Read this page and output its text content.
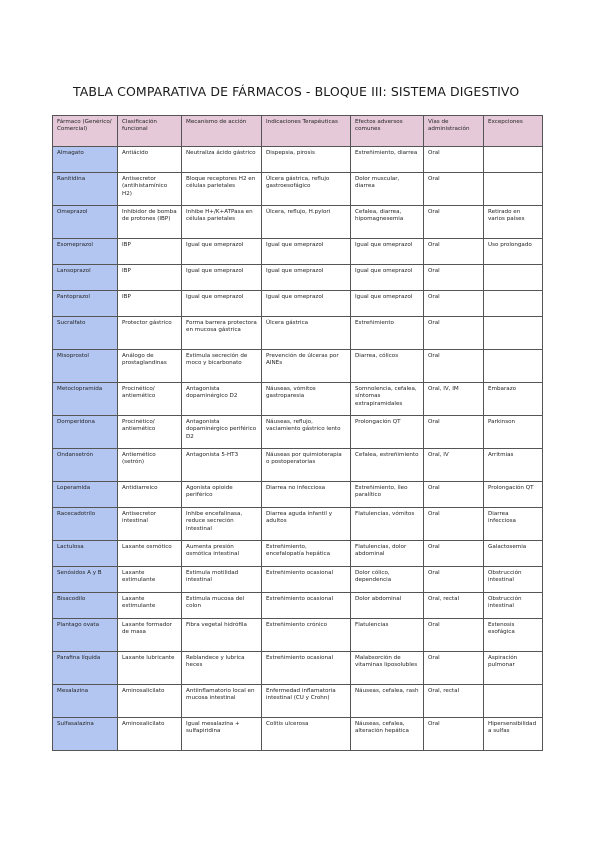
TABLA COMPARATIVA DE FÁRMACOS - BLOQUE III: SISTEMA DIGESTIVO
Fármaco (Genérico/ Comercial)	Clasificación funcional	Mecanismo de acción	Indicaciones Terapéuticas	Efectos adversos comunes	Vías de administración	Excepciones
Almagato	Antiácido	Neutraliza ácido gástrico	Dispepsia, pirosis	Estreñimiento, diarrea	Oral	
Ranitidina	Antisecretor (antihistamínico H2)	Bloque receptores H2 en células parietales	Úlcera gástrica, reflujo gastroesofágico	Dolor muscular, diarrea	Oral	
Omeprazol	Inhibidor de bomba de protones (IBP)	Inhibe H+/K+ATPasa en células parietales	Úlcera, reflujo, H.pylori	Cefalea, diarrea, hipomagnesemia	Oral	Retirado en varios países
Esomeprazol	IBP	Igual que omeprazol	Igual que omeprazol	Igual que omeprazol	Oral	Uso prolongado
Lansoprazol	IBP	Igual que omeprazol	Igual que omeprazol	Igual que omeprazol	Oral	
Pantoprazol	IBP	Igual que omeprazol	Igual que omeprazol	Igual que omeprazol	Oral	
Sucralfato	Protector gástrico	Forma barrera protectora en mucosa gástrica	Úlcera gástrica	Estreñimiento	Oral	
Misoprostol	Análogo de prostaglandinas	Estimula secreción de moco y bicarbonato	Prevención de úlceras por AINEs	Diarrea, cólicos	Oral	
Metoclopramida	Procinético/ antiemético	Antagonista dopaminérgico D2	Náuseas, vómitos gastroparesia	Somnolencia, cefalea, síntomas extrapiramidales	Oral, IV, IM	Embarazo
Domperidona	Procinético/ antiemético	Antagonista dopaminérgico periférico D2	Náuseas, reflujo, vaciamiento gástrico lento	Prolongación QT	Oral	Parkinson
Ondansetrón	Antiemético (setrón)	Antagonista 5-HT3	Náuseas por quimioterapia o postoperatorias	Cefalea, estreñimiento	Oral, IV	Arritmias
Loperamida	Antidiarreico	Agonista opioide periférico	Diarrea no infecciosa	Estreñimiento, íleo paralítico	Oral	Prolongación QT
Racecadotrilo	Antisecretor intestinal	Inhibe encefalinasa, reduce secreción intestinal	Diarrea aguda infantil y adultos	Flatulencias, vómitos	Oral	Diarrea infecciosa
Lactulosa	Laxante osmótico	Aumenta presión osmótica intestinal	Estreñimiento, encefalopatía hepática	Flatulencias, dolor abdominal	Oral	Galactosemia
Senósidos A y B	Laxante estimulante	Estimula motilidad intestinal	Estreñimiento ocasional	Dolor cólico, dependencia	Oral	Obstrucción intestinal
Bisacodilo	Laxante estimulante	Estimula mucosa del colon	Estreñimiento ocasional	Dolor abdominal	Oral, rectal	Obstrucción intestinal
Plantago ovata	Laxante formador de masa	Fibra vegetal hidrófila	Estreñimiento crónico	Flatulencias	Oral	Estenosis esofágica
Parafina líquida	Laxante lubricante	Reblandece y lubrica heces	Estreñimiento ocasional	Malabsorción de vitaminas liposolubles	Oral	Aspiración pulmonar
Mesalazina	Aminosalicilato	Antiinflamatorio local en mucosa intestinal	Enfermedad inflamatoria intestinal (CU y Crohn)	Náuseas, cefalea, rash	Oral, rectal	
Sulfasalazina	Aminosalicilato	Igual mesalazina + sulfapiridina	Colitis ulcerosa	Náuseas, cefalea, alteración hepática	Oral	Hipersensibilidad a sulfas
